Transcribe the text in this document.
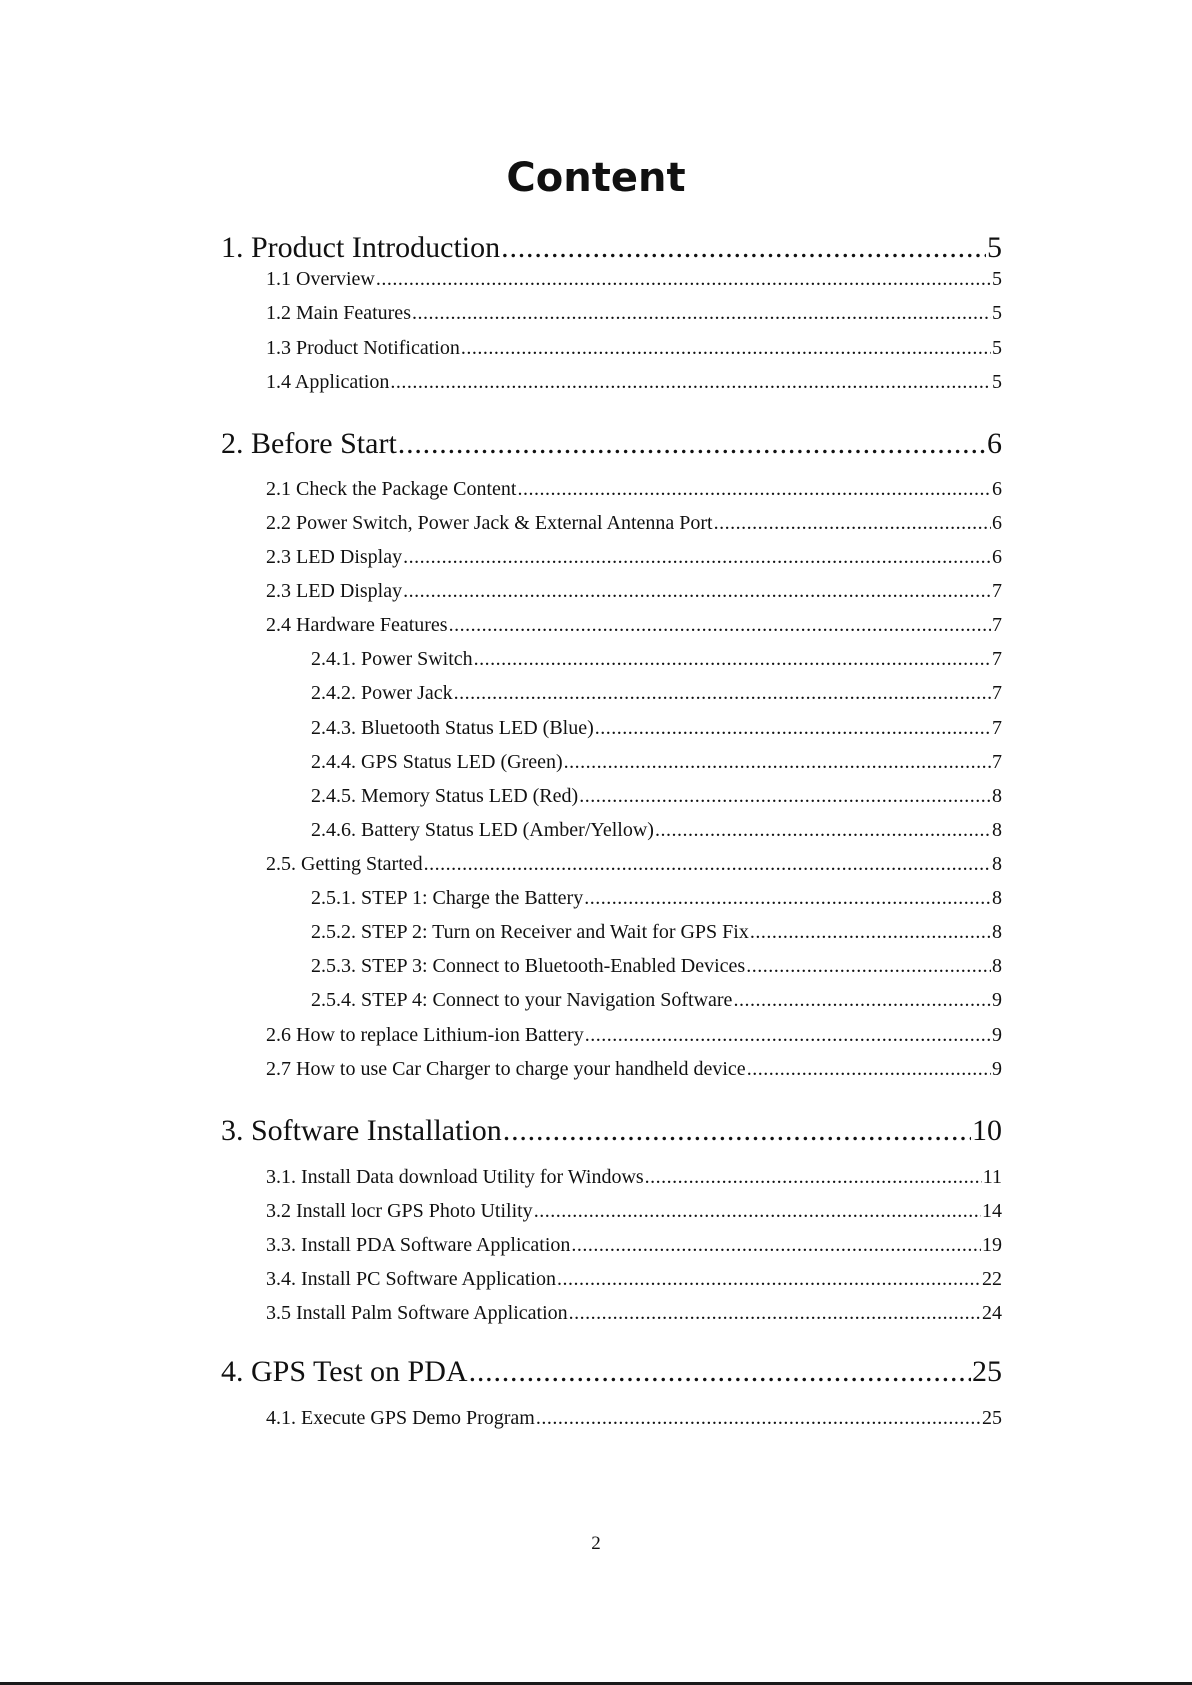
Content
1. Product Introduction .....	5
1.1 Overview .....	5
1.2 Main Features .....	5
1.3 Product Notification .....	5
1.4 Application .....	5
2. Before Start .....	6
2.1 Check the Package Content .....	6
2.2 Power Switch, Power Jack & External Antenna Port .....	6
2.3 LED Display .....	6
2.3 LED Display .....	7
2.4 Hardware Features .....	7
2.4.1. Power Switch .....	7
2.4.2. Power Jack .....	7
2.4.3. Bluetooth Status LED (Blue) .....	7
2.4.4. GPS Status LED (Green) .....	7
2.4.5. Memory Status LED (Red) .....	8
2.4.6. Battery Status LED (Amber/Yellow) .....	8
2.5. Getting Started .....	8
2.5.1. STEP 1: Charge the Battery .....	8
2.5.2. STEP 2: Turn on Receiver and Wait for GPS Fix .....	8
2.5.3. STEP 3: Connect to Bluetooth-Enabled Devices .....	8
2.5.4. STEP 4: Connect to your Navigation Software .....	9
2.6 How to replace Lithium-ion Battery .....	9
2.7 How to use Car Charger to charge your handheld device .....	9
3. Software Installation .....	10
3.1. Install Data download Utility for Windows .....	11
3.2 Install locr GPS Photo Utility .....	14
3.3. Install PDA Software Application .....	19
3.4. Install PC Software Application .....	22
3.5 Install Palm Software Application .....	24
4. GPS Test on PDA .....	25
4.1. Execute GPS Demo Program .....	25
2
